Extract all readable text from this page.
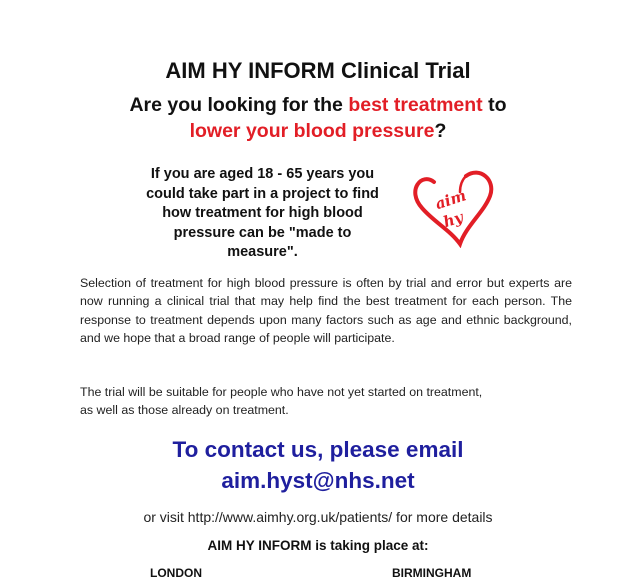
AIM HY INFORM Clinical Trial
Are you looking for the best treatment to
lower your blood pressure?
If you are aged 18 - 65 years you
could take part in a project to find
how treatment for high blood
pressure can be "made to
measure".
aim
hy
Selection of treatment for high blood pressure is often by trial and error but experts are now running a clinical trial that may help find the best treatment for each person. The response to treatment depends upon many factors such as age and ethnic background, and we hope that a broad range of people will participate.
The trial will be suitable for people who have not yet started on treatment,
as well as those already on treatment.
To contact us, please email
aim.hyst@nhs.net
or visit http://www.aimhy.org.uk/patients/ for more details
AIM HY INFORM is taking place at:
LONDON	BIRMINGHAM
